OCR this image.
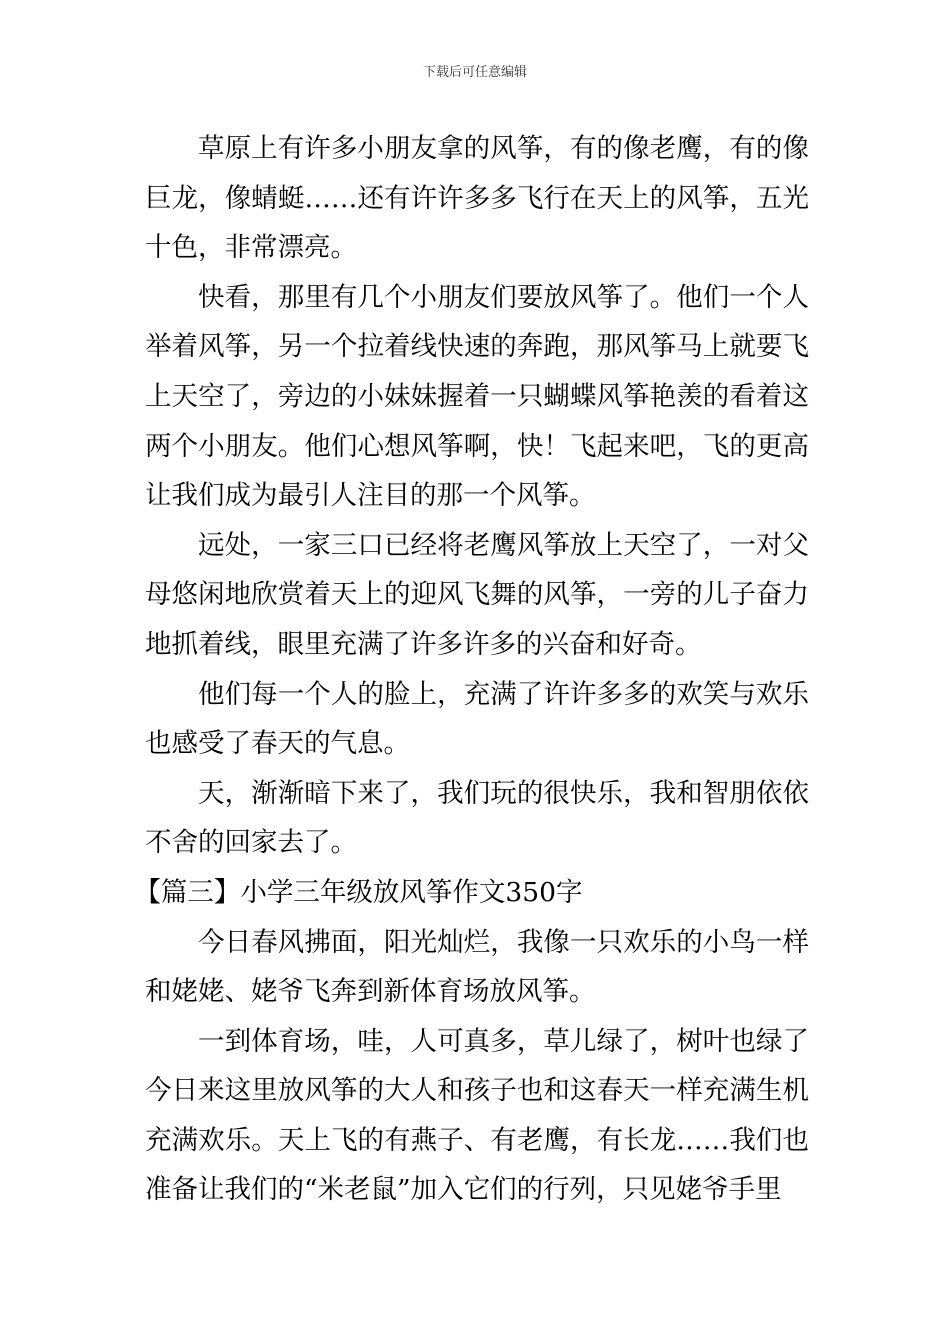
下载后可任意编辑

草原上有许多小朋友拿的风筝，有的像老鹰，有的像巨龙，像蜻蜓……还有许许多多飞行在天上的风筝，五光十色，非常漂亮。

快看，那里有几个小朋友们要放风筝了。他们一个人举着风筝，另一个拉着线快速的奔跑，那风筝马上就要飞上天空了，旁边的小妹妹握着一只蝴蝶风筝艳羡的看着这两个小朋友。他们心想风筝啊，快！飞起来吧，飞的更高让我们成为最引人注目的那一个风筝。

远处，一家三口已经将老鹰风筝放上天空了，一对父母悠闲地欣赏着天上的迎风飞舞的风筝，一旁的儿子奋力地抓着线，眼里充满了许多许多的兴奋和好奇。

他们每一个人的脸上，充满了许许多多的欢笑与欢乐也感受了春天的气息。

天，渐渐暗下来了，我们玩的很快乐，我和智朋依依不舍的回家去了。

【篇三】小学三年级放风筝作文350字

今日春风拂面，阳光灿烂，我像一只欢乐的小鸟一样和姥姥、姥爷飞奔到新体育场放风筝。

一到体育场，哇，人可真多，草儿绿了，树叶也绿了今日来这里放风筝的大人和孩子也和这春天一样充满生机充满欢乐。天上飞的有燕子、有老鹰，有长龙……我们也准备让我们的“米老鼠”加入它们的行列，只见姥爷手里
